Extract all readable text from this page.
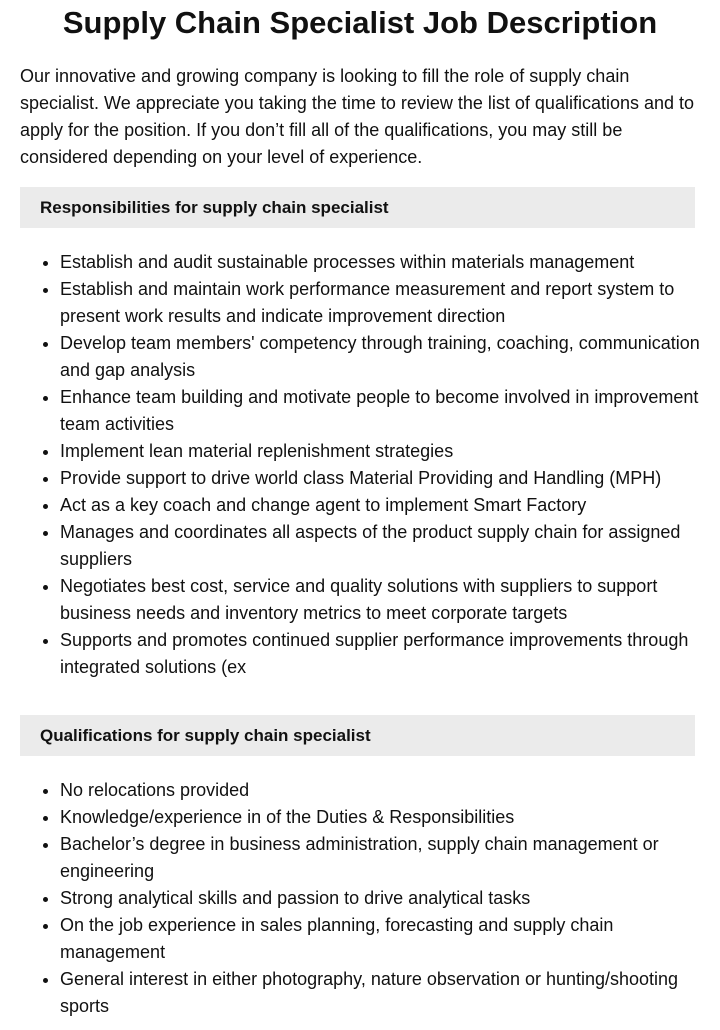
Supply Chain Specialist Job Description

Our innovative and growing company is looking to fill the role of supply chain specialist. We appreciate you taking the time to review the list of qualifications and to apply for the position. If you don’t fill all of the qualifications, you may still be considered depending on your level of experience.

Responsibilities for supply chain specialist
• Establish and audit sustainable processes within materials management
• Establish and maintain work performance measurement and report system to present work results and indicate improvement direction
• Develop team members' competency through training, coaching, communication and gap analysis
• Enhance team building and motivate people to become involved in improvement team activities
• Implement lean material replenishment strategies
• Provide support to drive world class Material Providing and Handling (MPH)
• Act as a key coach and change agent to implement Smart Factory
• Manages and coordinates all aspects of the product supply chain for assigned suppliers
• Negotiates best cost, service and quality solutions with suppliers to support business needs and inventory metrics to meet corporate targets
• Supports and promotes continued supplier performance improvements through integrated solutions (ex
Qualifications for supply chain specialist
• No relocations provided
• Knowledge/experience in of the Duties & Responsibilities
• Bachelor’s degree in business administration, supply chain management or engineering
• Strong analytical skills and passion to drive analytical tasks
• On the job experience in sales planning, forecasting and supply chain management
• General interest in either photography, nature observation or hunting/shooting sports
